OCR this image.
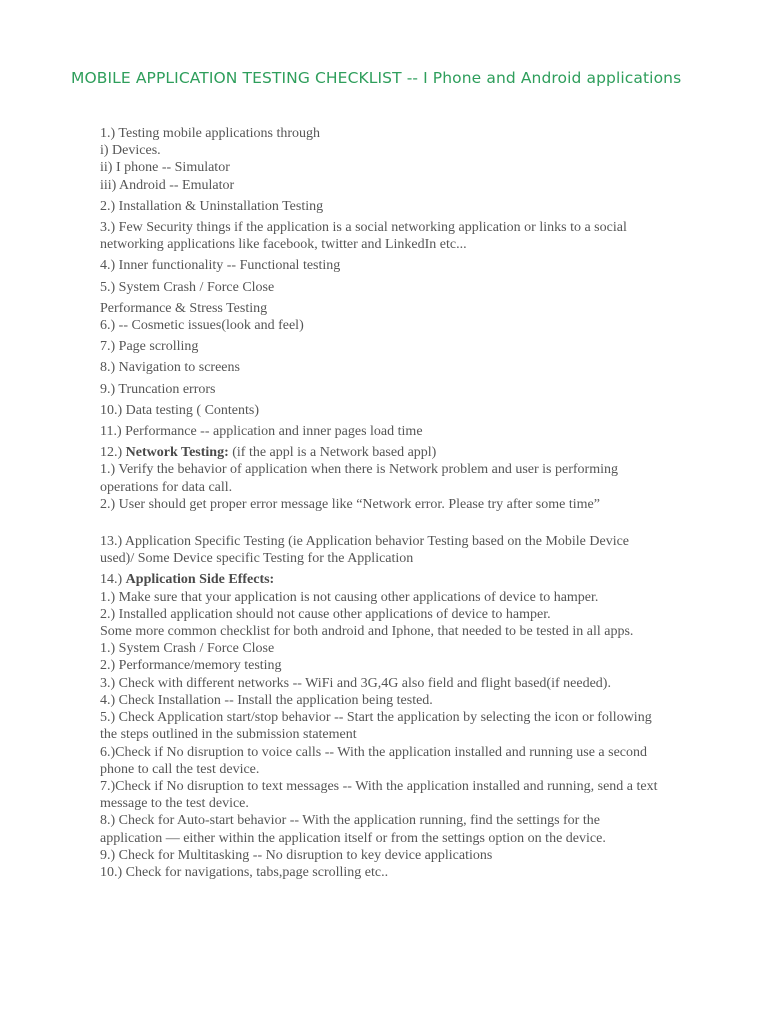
MOBILE APPLICATION TESTING CHECKLIST -- I Phone and Android applications
1.) Testing mobile applications through
i) Devices.
ii) I phone -- Simulator
iii) Android -- Emulator
2.) Installation & Uninstallation Testing
3.) Few Security things if the application is a social networking application or links to a social networking applications like facebook, twitter and LinkedIn etc...
4.) Inner functionality -- Functional testing
5.) System Crash / Force Close
Performance & Stress Testing
6.) -- Cosmetic issues(look and feel)
7.) Page scrolling
8.) Navigation to screens
9.) Truncation errors
10.) Data testing ( Contents)
11.) Performance -- application and inner pages load time
12.) Network Testing: (if the appl is a Network based appl)
1.) Verify the behavior of application when there is Network problem and user is performing operations for data call.
2.) User should get proper error message like “Network error. Please try after some time”
13.) Application Specific Testing (ie Application behavior Testing based on the Mobile Device used)/ Some Device specific Testing for the Application
14.) Application Side Effects:
1.) Make sure that your application is not causing other applications of device to hamper.
2.) Installed application should not cause other applications of device to hamper.
Some more common checklist for both android and Iphone, that needed to be tested in all apps.
1.) System Crash / Force Close
2.) Performance/memory testing
3.) Check with different networks -- WiFi and 3G,4G also field and flight based(if needed).
4.) Check Installation -- Install the application being tested.
5.) Check Application start/stop behavior -- Start the application by selecting the icon or following the steps outlined in the submission statement
6.)Check if No disruption to voice calls -- With the application installed and running use a second phone to call the test device.
7.)Check if No disruption to text messages -- With the application installed and running, send a text message to the test device.
8.) Check for Auto-start behavior -- With the application running, find the settings for the application — either within the application itself or from the settings option on the device.
9.) Check for Multitasking -- No disruption to key device applications
10.) Check for navigations, tabs,page scrolling etc..
